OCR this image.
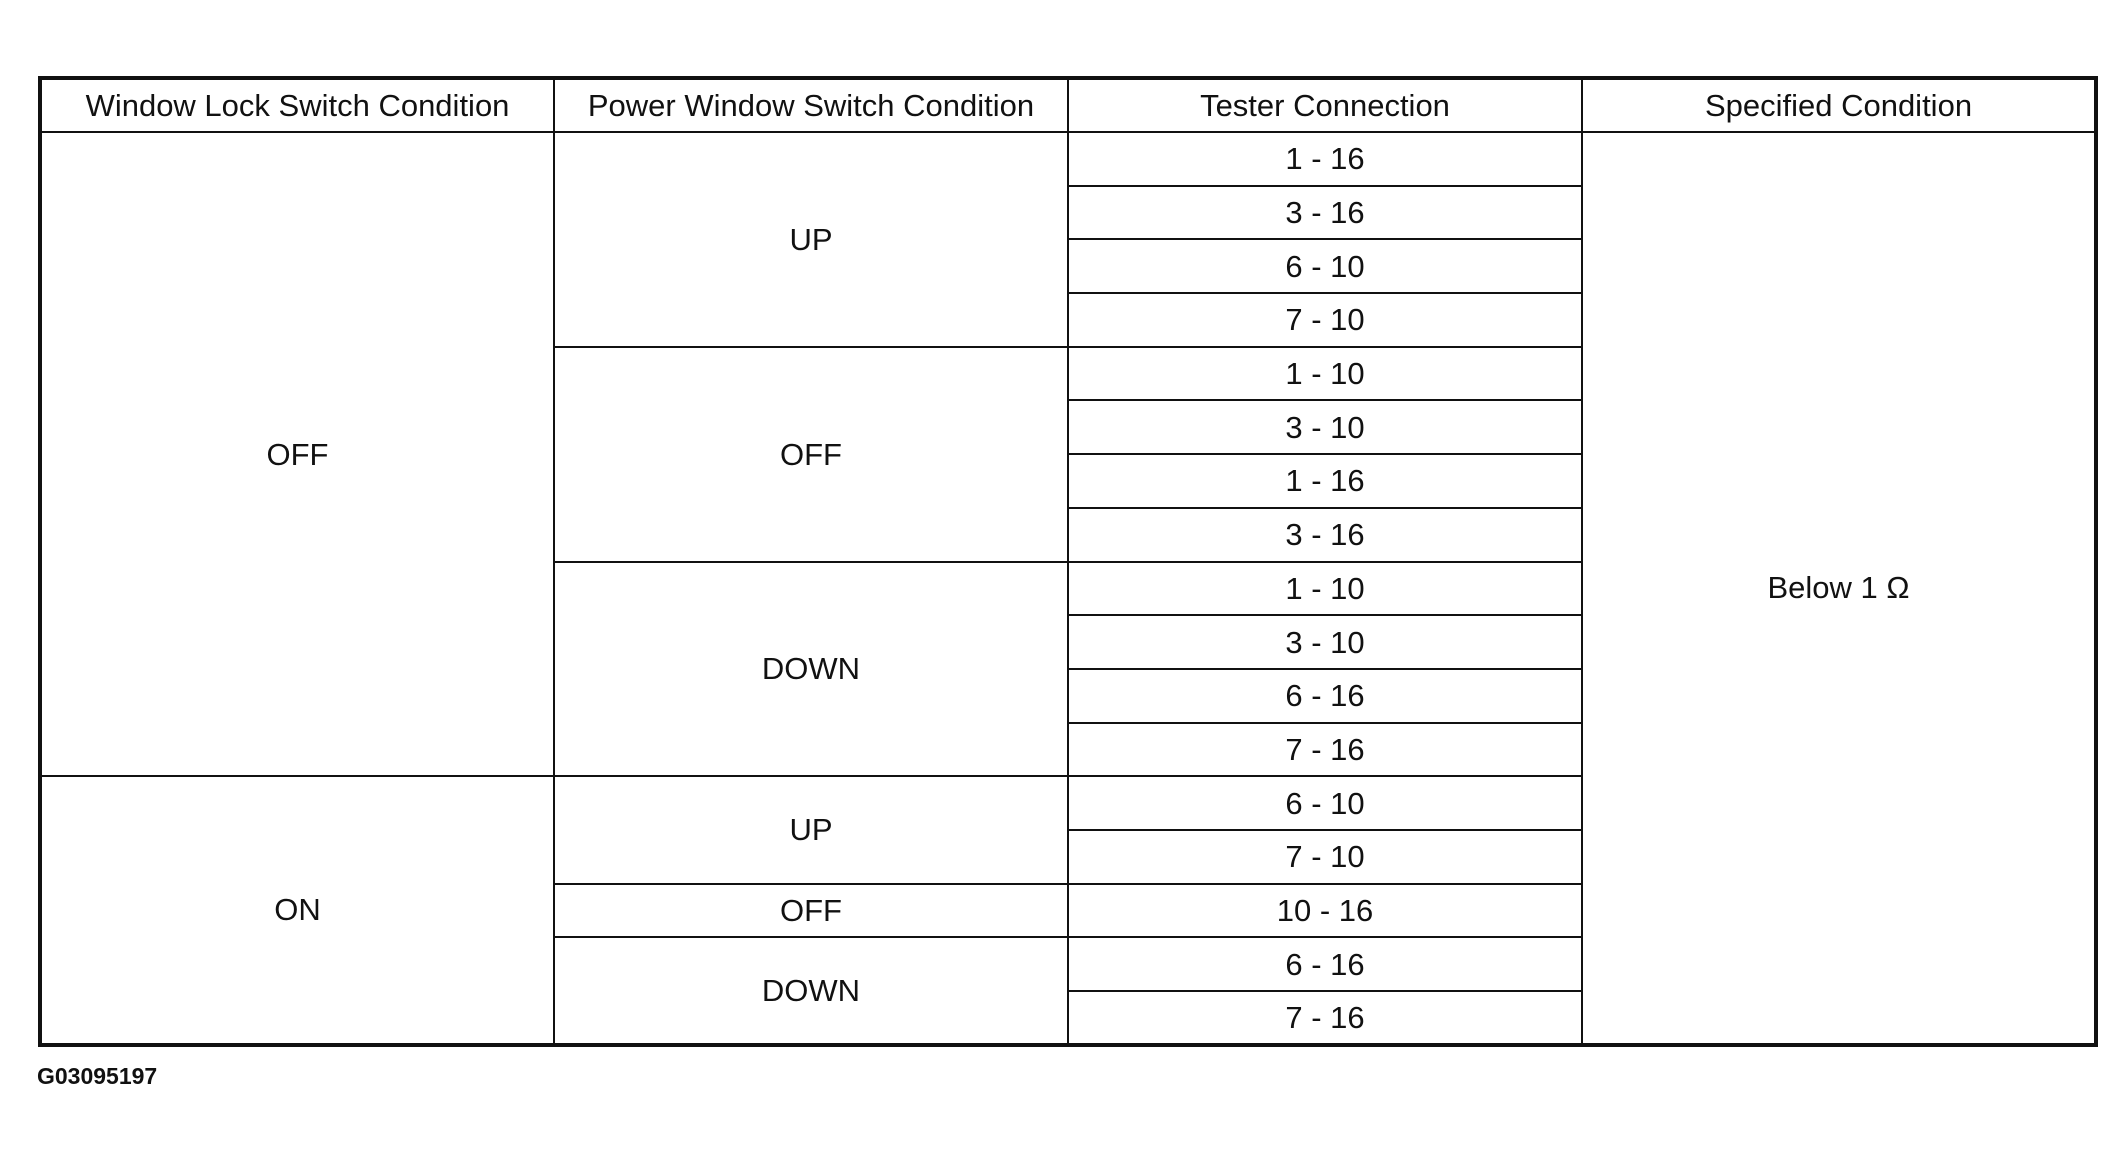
Window Lock Switch Condition	Power Window Switch Condition	Tester Connection	Specified Condition
OFF	UP	1 - 16	Below 1 Ω
		3 - 16	
		6 - 10	
		7 - 10	
	OFF	1 - 10	
		3 - 10	
		1 - 16	
		3 - 16	
	DOWN	1 - 10	
		3 - 10	
		6 - 16	
		7 - 16	
ON	UP	6 - 10	
		7 - 10	
	OFF	10 - 16	
	DOWN	6 - 16	
		7 - 16	
G03095197
